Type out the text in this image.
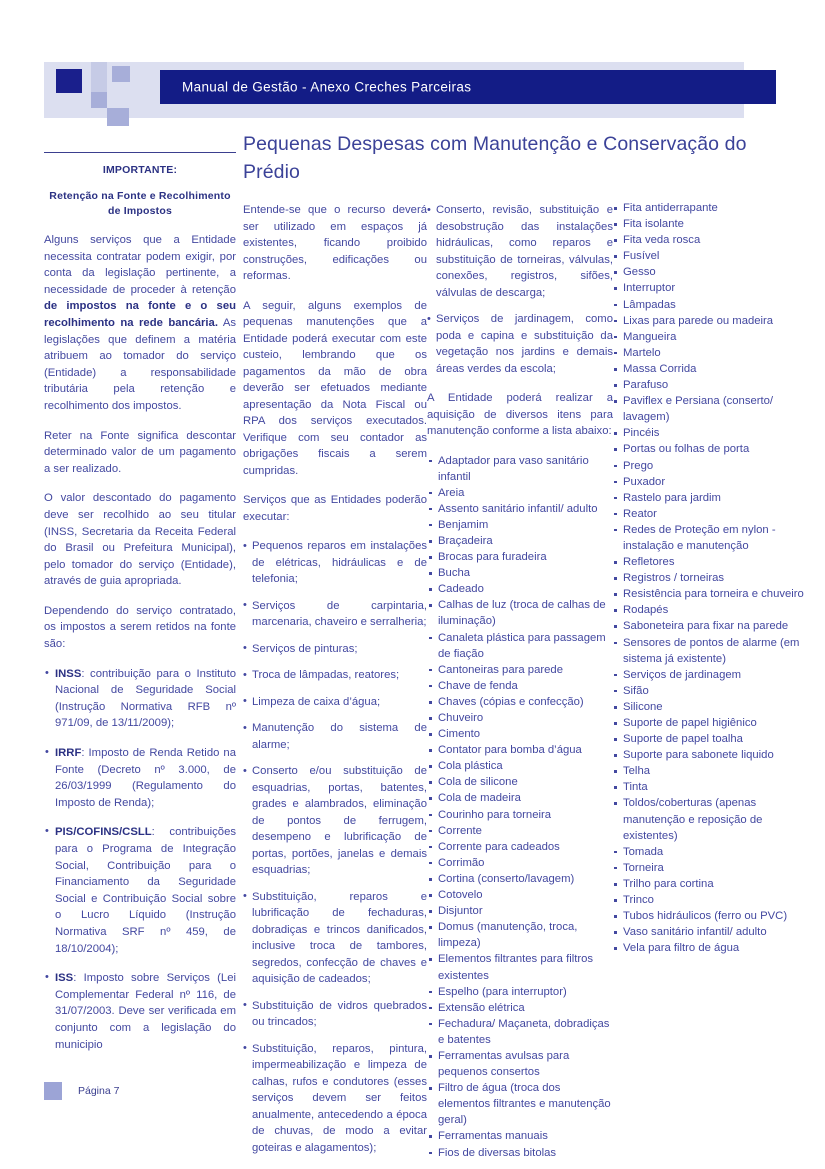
Manual de Gestão - Anexo Creches Parceiras
Pequenas Despesas com Manutenção e Conservação do Prédio
IMPORTANTE:
Retenção na Fonte e Recolhimento de Impostos

Alguns serviços que a Entidade necessita contratar podem exigir, por conta da legislação pertinente, a necessidade de proceder à retenção de impostos na fonte e o seu recolhimento na rede bancária. As legislações que definem a matéria atribuem ao tomador do serviço (Entidade) a responsabilidade tributária pela retenção e recolhimento dos impostos.

Reter na Fonte significa descontar determinado valor de um pagamento a ser realizado.

O valor descontado do pagamento deve ser recolhido ao seu titular (INSS, Secretaria da Receita Federal do Brasil ou Prefeitura Municipal), pelo tomador do serviço (Entidade), através de guia apropriada.

Dependendo do serviço contratado, os impostos a serem retidos na fonte são:

• INSS: contribuição para o Instituto Nacional de Seguridade Social (Instrução Normativa RFB nº 971/09, de 13/11/2009);
• IRRF: Imposto de Renda Retido na Fonte (Decreto nº 3.000, de 26/03/1999 (Regulamento do Imposto de Renda);
• PIS/COFINS/CSLL: contribuições para o Programa de Integração Social, Contribuição para o Financiamento da Seguridade Social e Contribuição Social sobre o Lucro Líquido (Instrução Normativa SRF nº 459, de 18/10/2004);
• ISS: Imposto sobre Serviços (Lei Complementar Federal nº 116, de 31/07/2003. Deve ser verificada em conjunto com a legislação do municipio

Entende-se que o recurso deverá ser utilizado em espaços já existentes, ficando proibido construções, edificações ou reformas.

A seguir, alguns exemplos de pequenas manutenções que a Entidade poderá executar com este custeio, lembrando que os pagamentos da mão de obra deverão ser efetuados mediante apresentação da Nota Fiscal ou RPA dos serviços executados. Verifique com seu contador as obrigações fiscais a serem cumpridas.

Serviços que as Entidades poderão executar:

• Pequenos reparos em instalações de elétricas, hidráulicas e de telefonia;
• Serviços de carpintaria, marcenaria, chaveiro e serralheria;
• Serviços de pinturas;
• Troca de lâmpadas, reatores;
• Limpeza de caixa d’água;
• Manutenção do sistema de alarme;
• Conserto e/ou substituição de esquadrias, portas, batentes, grades e alambrados, eliminação de pontos de ferrugem, desempeno e lubrificação de portas, portões, janelas e demais esquadrias;
• Substituição, reparos e lubrificação de fechaduras, dobradiças e trincos danificados, inclusive troca de tambores, segredos, confecção de chaves e aquisição de cadeados;
• Substituição de vidros quebrados ou trincados;
• Substituição, reparos, pintura, impermeabilização e limpeza de calhas, rufos e condutores (esses serviços devem ser feitos anualmente, antecedendo a época de chuvas, de modo a evitar goteiras e alagamentos);
• Conserto, revisão, substituição e desobstrução das instalações hidráulicas, como reparos e substituição de torneiras, válvulas, conexões, registros, sifões, válvulas de descarga;
• Serviços de jardinagem, como poda e capina e substituição da vegetação nos jardins e demais áreas verdes da escola;

A Entidade poderá realizar a aquisição de diversos itens para manutenção conforme a lista abaixo:

Adaptador para vaso sanitário infantil
Areia
Assento sanitário infantil/ adulto
Benjamim
Braçadeira
Brocas para furadeira
Bucha
Cadeado
Calhas de luz (troca de calhas de iluminação)
Canaleta plástica para passagem de fiação
Cantoneiras para parede
Chave de fenda
Chaves (cópias e confecção)
Chuveiro
Cimento
Contator para bomba d’água
Cola plástica
Cola de silicone
Cola de madeira
Courinho para torneira
Corrente
Corrente para cadeados
Corrimão
Cortina (conserto/lavagem)
Cotovelo
Disjuntor
Domus (manutenção, troca, limpeza)
Elementos filtrantes para filtros existentes
Espelho (para interruptor)
Extensão elétrica
Fechadura/ Maçaneta, dobradiças e batentes
Ferramentas avulsas para pequenos consertos
Filtro de água (troca dos elementos filtrantes e manutenção geral)
Ferramentas manuais
Fios de diversas bitolas
Fita antiderrapante
Fita isolante
Fita veda rosca
Fusível
Gesso
Interruptor
Lâmpadas
Lixas para parede ou madeira
Mangueira
Martelo
Massa Corrida
Parafuso
Paviflex e Persiana (conserto/ lavagem)
Pincéis
Portas ou folhas de porta
Prego
Puxador
Rastelo para jardim
Reator
Redes de Proteção em nylon - instalação e manutenção
Refletores
Registros / torneiras
Resistência para torneira e chuveiro
Rodapés
Saboneteira para fixar na parede
Sensores de pontos de alarme (em sistema já existente)
Serviços de jardinagem
Sifão
Silicone
Suporte de papel higiênico
Suporte de papel toalha
Suporte para sabonete liquido
Telha
Tinta
Toldos/coberturas (apenas manutenção e reposição de existentes)
Tomada
Torneira
Trilho para cortina
Trinco
Tubos hidráulicos (ferro ou PVC)
Vaso sanitário infantil/ adulto
Vela para filtro de água
Página 7
